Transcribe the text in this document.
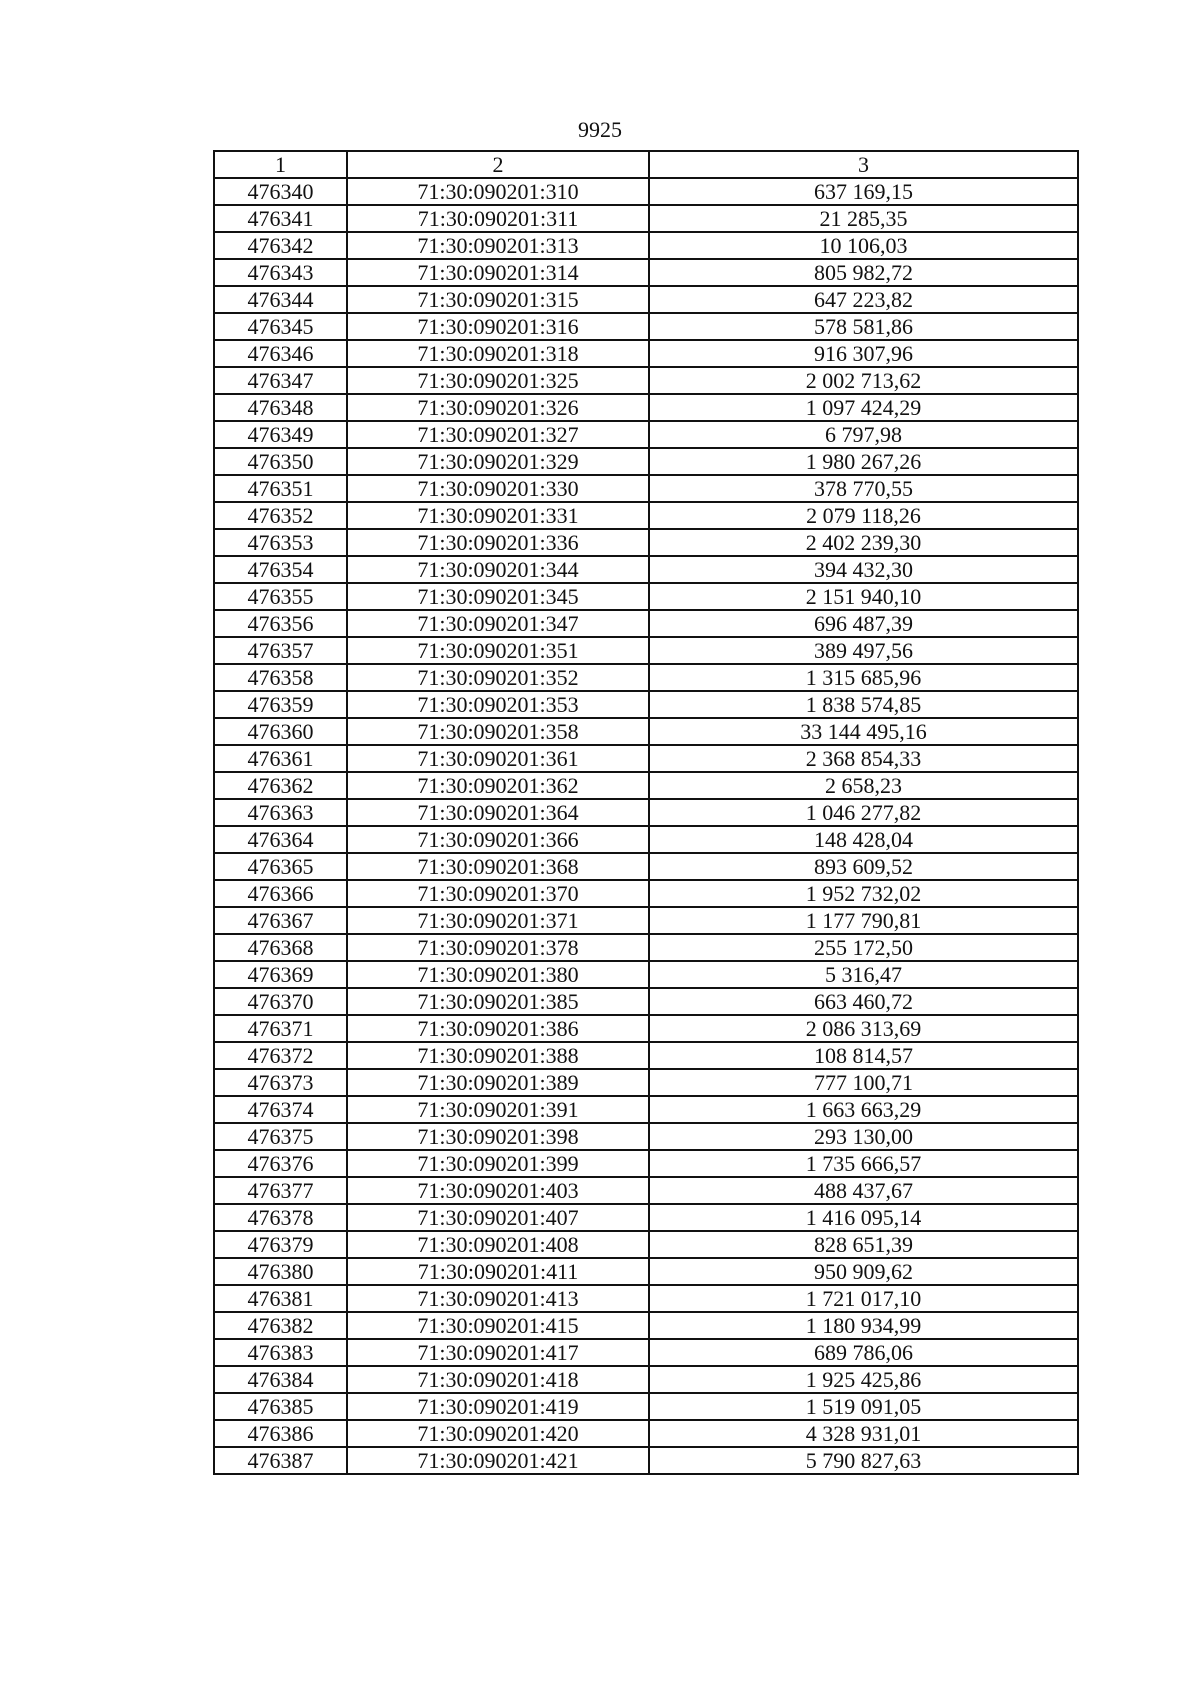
9925
1	2	3
476340	71:30:090201:310	637 169,15
476341	71:30:090201:311	21 285,35
476342	71:30:090201:313	10 106,03
476343	71:30:090201:314	805 982,72
476344	71:30:090201:315	647 223,82
476345	71:30:090201:316	578 581,86
476346	71:30:090201:318	916 307,96
476347	71:30:090201:325	2 002 713,62
476348	71:30:090201:326	1 097 424,29
476349	71:30:090201:327	6 797,98
476350	71:30:090201:329	1 980 267,26
476351	71:30:090201:330	378 770,55
476352	71:30:090201:331	2 079 118,26
476353	71:30:090201:336	2 402 239,30
476354	71:30:090201:344	394 432,30
476355	71:30:090201:345	2 151 940,10
476356	71:30:090201:347	696 487,39
476357	71:30:090201:351	389 497,56
476358	71:30:090201:352	1 315 685,96
476359	71:30:090201:353	1 838 574,85
476360	71:30:090201:358	33 144 495,16
476361	71:30:090201:361	2 368 854,33
476362	71:30:090201:362	2 658,23
476363	71:30:090201:364	1 046 277,82
476364	71:30:090201:366	148 428,04
476365	71:30:090201:368	893 609,52
476366	71:30:090201:370	1 952 732,02
476367	71:30:090201:371	1 177 790,81
476368	71:30:090201:378	255 172,50
476369	71:30:090201:380	5 316,47
476370	71:30:090201:385	663 460,72
476371	71:30:090201:386	2 086 313,69
476372	71:30:090201:388	108 814,57
476373	71:30:090201:389	777 100,71
476374	71:30:090201:391	1 663 663,29
476375	71:30:090201:398	293 130,00
476376	71:30:090201:399	1 735 666,57
476377	71:30:090201:403	488 437,67
476378	71:30:090201:407	1 416 095,14
476379	71:30:090201:408	828 651,39
476380	71:30:090201:411	950 909,62
476381	71:30:090201:413	1 721 017,10
476382	71:30:090201:415	1 180 934,99
476383	71:30:090201:417	689 786,06
476384	71:30:090201:418	1 925 425,86
476385	71:30:090201:419	1 519 091,05
476386	71:30:090201:420	4 328 931,01
476387	71:30:090201:421	5 790 827,63
